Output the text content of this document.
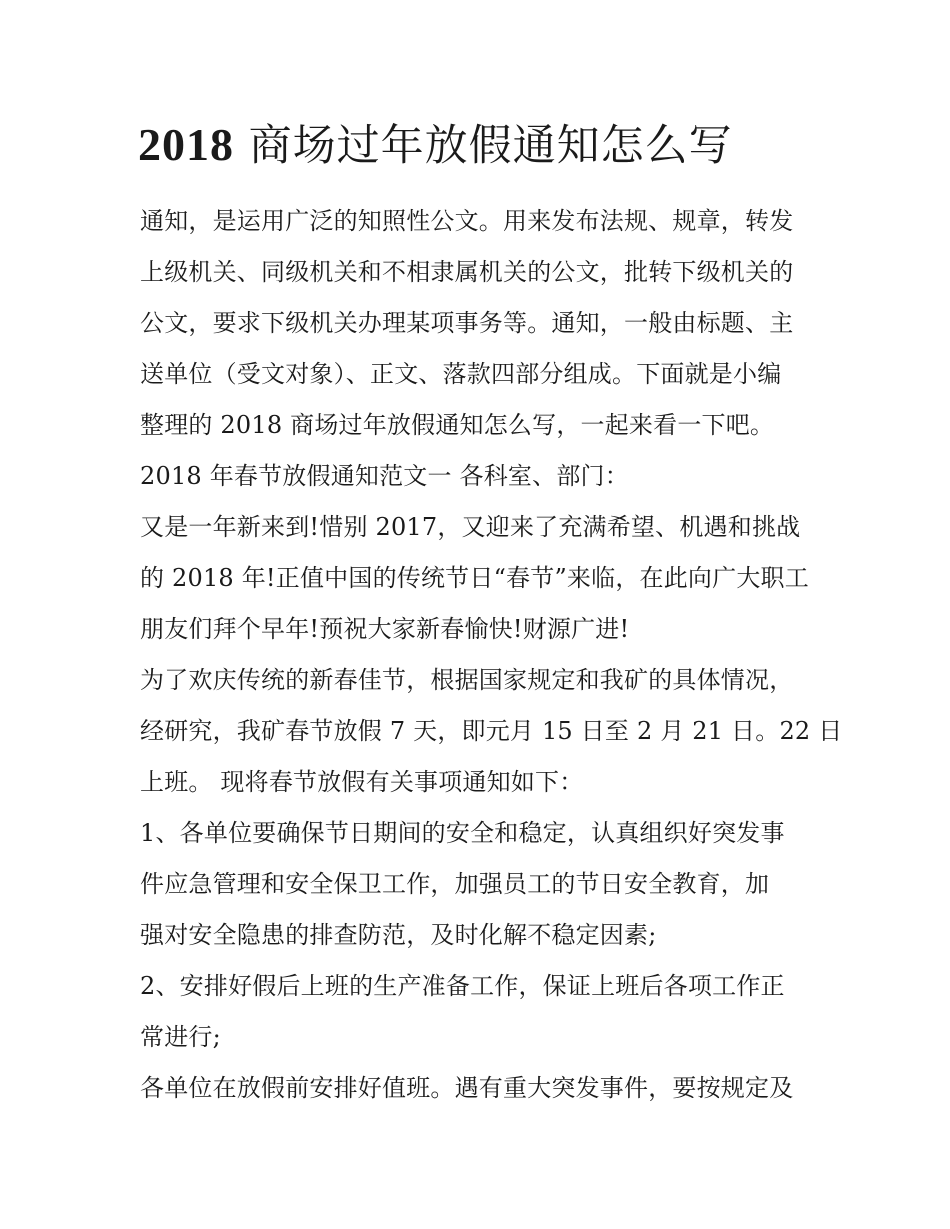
2018 商场过年放假通知怎么写

通知，是运用广泛的知照性公文。用来发布法规、规章，转发

上级机关、同级机关和不相隶属机关的公文，批转下级机关的

公文，要求下级机关办理某项事务等。通知，一般由标题、主

送单位（受文对象）、正文、落款四部分组成。下面就是小编

整理的 2018 商场过年放假通知怎么写，一起来看一下吧。

2018 年春节放假通知范文一 各科室、部门：

又是一年新来到!惜别 2017，又迎来了充满希望、机遇和挑战

的 2018 年!正值中国的传统节日“春节”来临，在此向广大职工

朋友们拜个早年!预祝大家新春愉快!财源广进!

为了欢庆传统的新春佳节，根据国家规定和我矿的具体情况，

经研究，我矿春节放假 7 天，即元月 15 日至 2 月 21 日。22 日

上班。 现将春节放假有关事项通知如下：

1、各单位要确保节日期间的安全和稳定，认真组织好突发事

件应急管理和安全保卫工作，加强员工的节日安全教育，加

强对安全隐患的排查防范，及时化解不稳定因素;

2、安排好假后上班的生产准备工作，保证上班后各项工作正

常进行;

各单位在放假前安排好值班。遇有重大突发事件，要按规定及
